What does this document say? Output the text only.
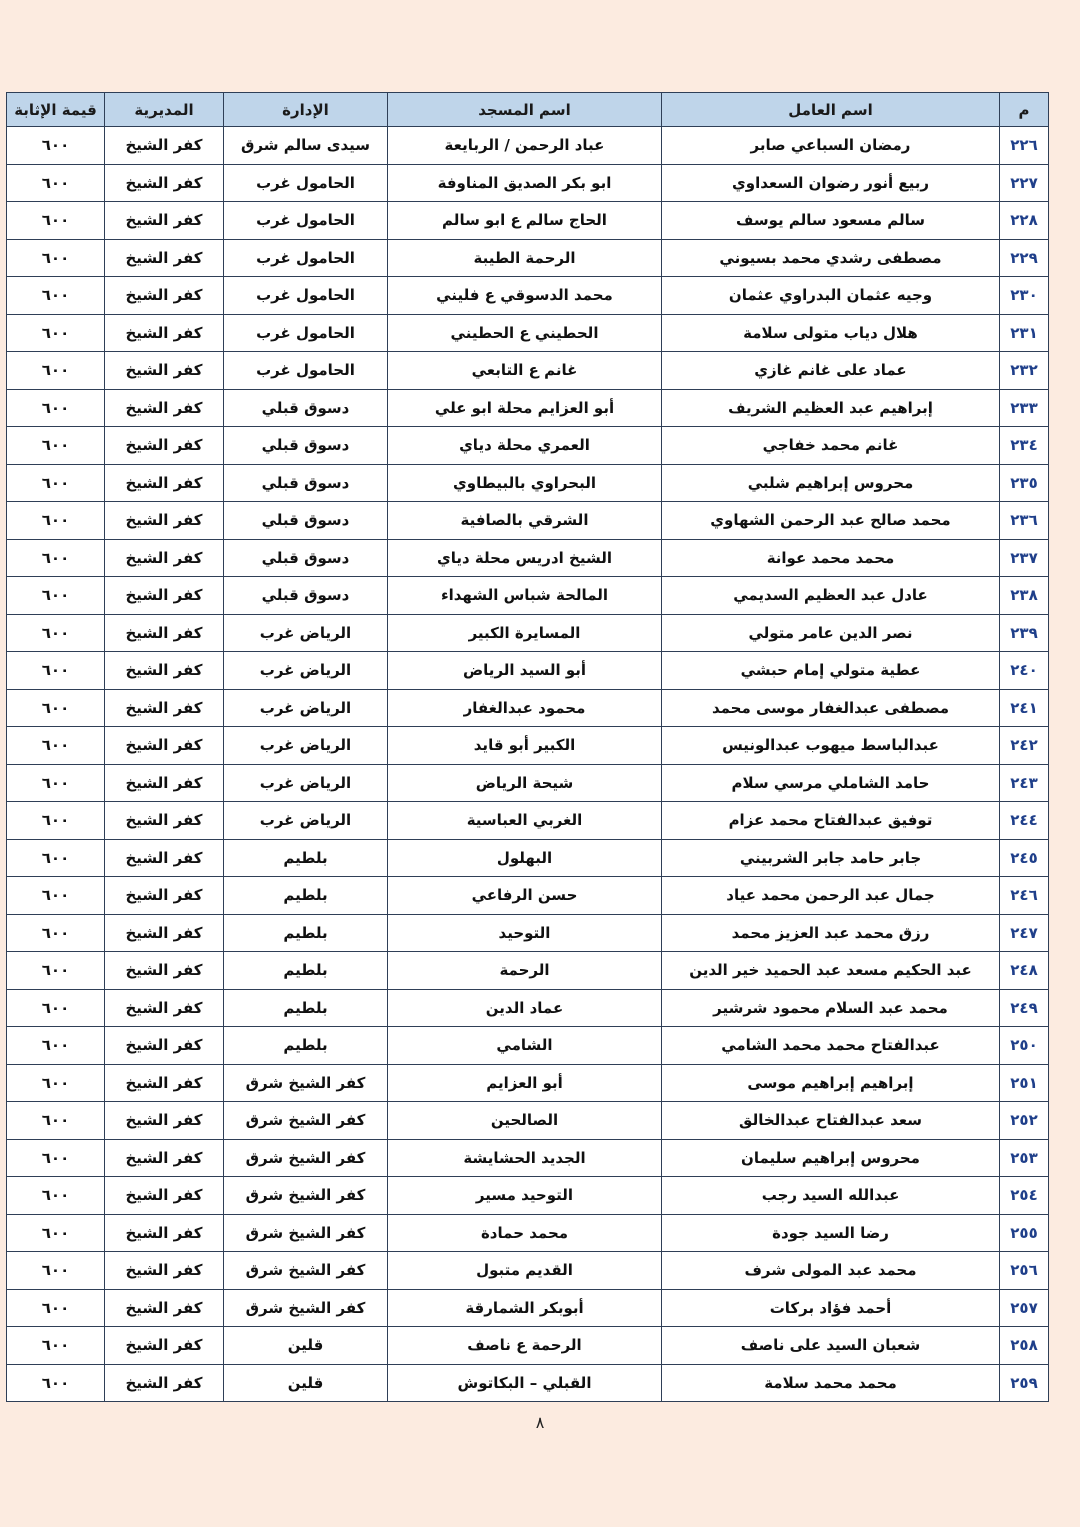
م	اسم العامل	اسم المسجد	الإدارة	المديرية	قيمة الإثابة
٢٢٦	رمضان السباعي صابر	عباد الرحمن / الربايعة	سيدى سالم شرق	كفر الشيخ	٦٠٠
٢٢٧	ربيع أنور رضوان السعداوي	ابو بكر الصديق المناوفة	الحامول غرب	كفر الشيخ	٦٠٠
٢٢٨	سالم مسعود سالم يوسف	الحاج سالم ع ابو سالم	الحامول غرب	كفر الشيخ	٦٠٠
٢٢٩	مصطفى رشدي محمد بسيوني	الرحمة الطيبة	الحامول غرب	كفر الشيخ	٦٠٠
٢٣٠	وجيه عثمان البدراوي عثمان	محمد الدسوقي ع فليني	الحامول غرب	كفر الشيخ	٦٠٠
٢٣١	هلال دياب متولى سلامة	الحطيني ع الحطيني	الحامول غرب	كفر الشيخ	٦٠٠
٢٣٢	عماد على غانم غازي	غانم ع التابعي	الحامول غرب	كفر الشيخ	٦٠٠
٢٣٣	إبراهيم عبد العظيم الشريف	أبو العزايم محلة ابو علي	دسوق قبلي	كفر الشيخ	٦٠٠
٢٣٤	غانم محمد خفاجي	العمري محلة دياي	دسوق قبلي	كفر الشيخ	٦٠٠
٢٣٥	محروس إبراهيم شلبي	البحراوي بالبيطاوي	دسوق قبلي	كفر الشيخ	٦٠٠
٢٣٦	محمد صالح عبد الرحمن الشهاوي	الشرقي بالصافية	دسوق قبلي	كفر الشيخ	٦٠٠
٢٣٧	محمد محمد عوانة	الشيخ ادريس محلة دياي	دسوق قبلي	كفر الشيخ	٦٠٠
٢٣٨	عادل عبد العظيم السديمي	المالحة شباس الشهداء	دسوق قبلي	كفر الشيخ	٦٠٠
٢٣٩	نصر الدين عامر متولي	المسايرة الكبير	الرياض غرب	كفر الشيخ	٦٠٠
٢٤٠	عطية متولي إمام حبشي	أبو السيد الرياض	الرياض غرب	كفر الشيخ	٦٠٠
٢٤١	مصطفى عبدالغفار موسى محمد	محمود عبدالغفار	الرياض غرب	كفر الشيخ	٦٠٠
٢٤٢	عبدالباسط ميهوب عبدالونيس	الكبير أبو قايد	الرياض غرب	كفر الشيخ	٦٠٠
٢٤٣	حامد الشاملي مرسي سلام	شيحة الرياض	الرياض غرب	كفر الشيخ	٦٠٠
٢٤٤	توفيق عبدالفتاح محمد عزام	الغربي العباسية	الرياض غرب	كفر الشيخ	٦٠٠
٢٤٥	جابر حامد جابر الشربيني	البهلول	بلطيم	كفر الشيخ	٦٠٠
٢٤٦	جمال عبد الرحمن محمد عياد	حسن الرفاعي	بلطيم	كفر الشيخ	٦٠٠
٢٤٧	رزق محمد عبد العزيز محمد	التوحيد	بلطيم	كفر الشيخ	٦٠٠
٢٤٨	عبد الحكيم مسعد عبد الحميد خير الدين	الرحمة	بلطيم	كفر الشيخ	٦٠٠
٢٤٩	محمد عبد السلام محمود شرشير	عماد الدين	بلطيم	كفر الشيخ	٦٠٠
٢٥٠	عبدالفتاح محمد محمد الشامي	الشامي	بلطيم	كفر الشيخ	٦٠٠
٢٥١	إبراهيم إبراهيم موسى	أبو العزايم	كفر الشيخ شرق	كفر الشيخ	٦٠٠
٢٥٢	سعد عبدالفتاح عبدالخالق	الصالحين	كفر الشيخ شرق	كفر الشيخ	٦٠٠
٢٥٣	محروس إبراهيم سليمان	الجديد الحشايشة	كفر الشيخ شرق	كفر الشيخ	٦٠٠
٢٥٤	عبدالله السيد رجب	التوحيد مسير	كفر الشيخ شرق	كفر الشيخ	٦٠٠
٢٥٥	رضا السيد جودة	محمد حمادة	كفر الشيخ شرق	كفر الشيخ	٦٠٠
٢٥٦	محمد عبد المولى شرف	القديم متبول	كفر الشيخ شرق	كفر الشيخ	٦٠٠
٢٥٧	أحمد فؤاد بركات	أبوبكر الشمارقة	كفر الشيخ شرق	كفر الشيخ	٦٠٠
٢٥٨	شعبان السيد على ناصف	الرحمة ع ناصف	قلين	كفر الشيخ	٦٠٠
٢٥٩	محمد محمد سلامة	القبلي – البكاتوش	قلين	كفر الشيخ	٦٠٠
٨
